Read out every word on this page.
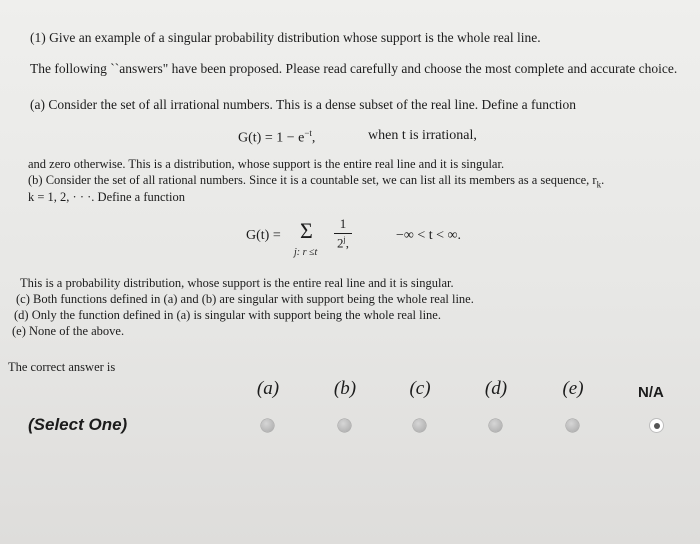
(1) Give an example of a singular probability distribution whose support is the whole real line.
The following ``answers" have been proposed. Please read carefully and choose the most complete and accurate choice.
(a) Consider the set of all irrational numbers. This is a dense subset of the real line. Define a function
$G(t) = 1 - e^{-t}$,	when t is irrational,
and zero otherwise. This is a distribution, whose support is the entire real line and it is singular.
(b) Consider the set of all rational numbers. Since it is a countable set, we can list all its members as a sequence, $r_k$.
k = 1, 2, · · ·. Define a function
G(t) = Σ
j: r ≤t
1
$2^j$,	−∞ < t < ∞.
This is a probability distribution, whose support is the entire real line and it is singular.
(c) Both functions defined in (a) and (b) are singular with support being the whole real line.
(d) Only the function defined in (a) is singular with support being the whole real line.
(e) None of the above.
The correct answer is
(a)	(b)	(c)	(d)	(e)	N/A
(Select One)
